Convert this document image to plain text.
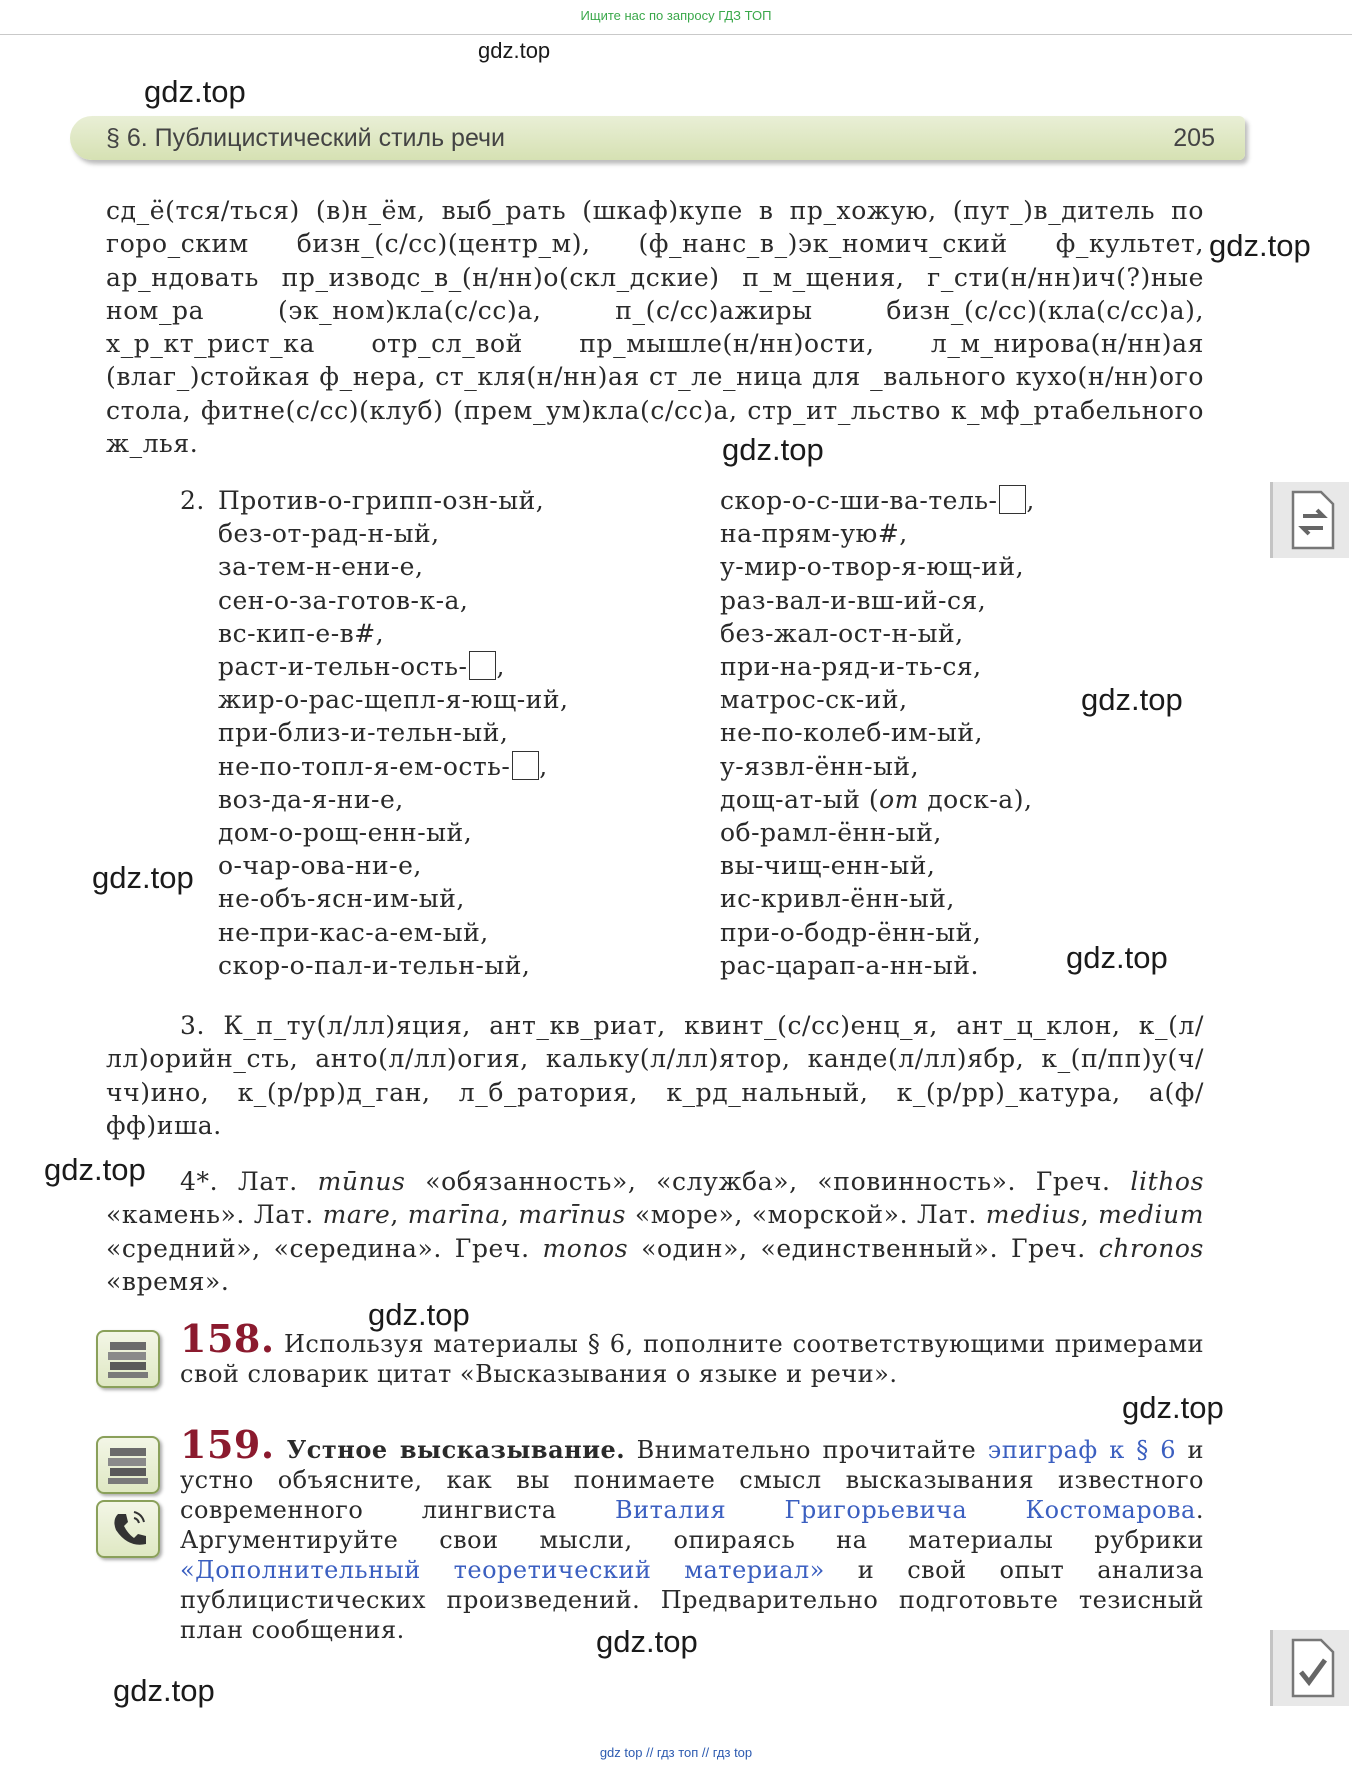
Ищите нас по запросу ГДЗ ТОП
gdz.top
gdz.top
gdz.top
gdz.top
gdz.top
gdz.top
gdz.top
gdz.top
gdz.top
gdz.top
gdz.top
gdz.top
§ 6. Публицистический стиль речи	205
сд_ё(тся/ться) (в)н_ём, выб_рать (шкаф)купе в пр_хожую, (пут_)в_дитель по горо_ским бизн_(с/сс)(центр_м), (ф_нанс_в_)эк_номич_ский ф_культет, ар_ндовать пр_изводс_в_(н/нн)о(скл_дские) п_м_щения, г_сти(н/нн)ич(?)ные ном_ра (эк_ном)кла(с/сс)а, п_(с/сс)ажиры бизн_(с/сс)(кла(с/сс)а), х_р_кт_рист_ка отр_сл_вой пр_мышле(н/нн)ости, л_м_нирова(н/нн)ая (влаг_)стойкая ф_нера, ст_кля(н/нн)ая ст_ле_ница для _вального кухо(н/нн)ого стола, фитне(с/сс)(клуб) (прем_ум)кла(с/сс)а, стр_ит_льство к_мф_ртабельного ж_лья.
2. Против-о-грипп-озн-ый,
без-от-рад-н-ый,
за-тем-н-ени-е,
сен-о-за-готов-к-а,
вс-кип-е-в#,
раст-и-тельн-ость- ,
жир-о-рас-щепл-я-ющ-ий,
при-близ-и-тельн-ый,
не-по-топл-я-ем-ость- ,
воз-да-я-ни-е,
дом-о-рощ-енн-ый,
о-чар-ова-ни-е,
не-объ-ясн-им-ый,
не-при-кас-а-ем-ый,
скор-о-пал-и-тельн-ый,
скор-о-с-ши-ва-тель- ,
на-прям-ую#,
у-мир-о-твор-я-ющ-ий,
раз-вал-и-вш-ий-ся,
без-жал-ост-н-ый,
при-на-ряд-и-ть-ся,
матрос-ск-ий,
не-по-колеб-им-ый,
у-язвл-ённ-ый,
дощ-ат-ый (от доск-а),
об-рамл-ённ-ый,
вы-чищ-енн-ый,
ис-кривл-ённ-ый,
при-о-бодр-ённ-ый,
рас-царап-а-нн-ый.
3. К_п_ту(л/лл)яция, ант_кв_риат, квинт_(с/сс)енц_я, ант_ц_клон, к_(л/лл)орийн_сть, анто(л/лл)огия, кальку(л/лл)ятор, канде(л/лл)ябр, к_(п/пп)у(ч/чч)ино, к_(р/рр)д_ган, л_б_ратория, к_рд_нальный, к_(р/рр)_катура, а(ф/фф)иша.
4*. Лат. mūnus «обязанность», «служба», «повинность». Греч. lithos «камень». Лат. mare, marīna, marīnus «море», «морской». Лат. medius, medium «средний», «середина». Греч. monos «один», «единственный». Греч. chronos «время».
158. Используя материалы § 6, пополните соответствующими примерами свой словарик цитат «Высказывания о языке и речи».
159. Устное высказывание. Внимательно прочитайте эпиграф к § 6 и устно объясните, как вы понимаете смысл высказывания известного современного лингвиста Виталия Григорьевича Костомарова. Аргументируйте свои мысли, опираясь на материалы рубрики «Дополнительный теоретический материал» и свой опыт анализа публицистических произведений. Предварительно подготовьте тезисный план сообщения.
gdz top // гдз топ // гдз top
